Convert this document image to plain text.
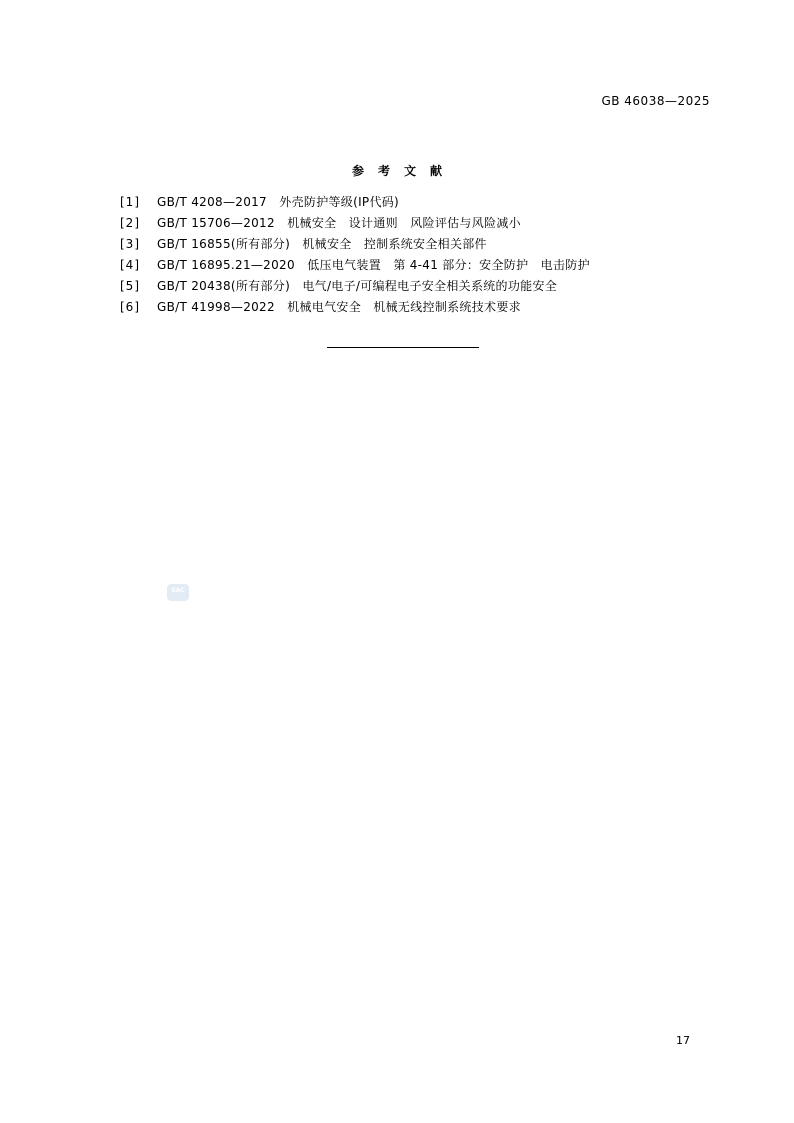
GB 46038—2025
参考文献
[1]	GB/T 4208—2017　外壳防护等级(IP代码)
[2]	GB/T 15706—2012　机械安全　设计通则　风险评估与风险减小
[3]	GB/T 16855(所有部分)　机械安全　控制系统安全相关部件
[4]	GB/T 16895.21—2020　低压电气装置　第 4-41 部分：安全防护　电击防护
[5]	GB/T 20438(所有部分)　电气/电子/可编程电子安全相关系统的功能安全
[6]	GB/T 41998—2022　机械电气安全　机械无线控制系统技术要求
SAC
17
